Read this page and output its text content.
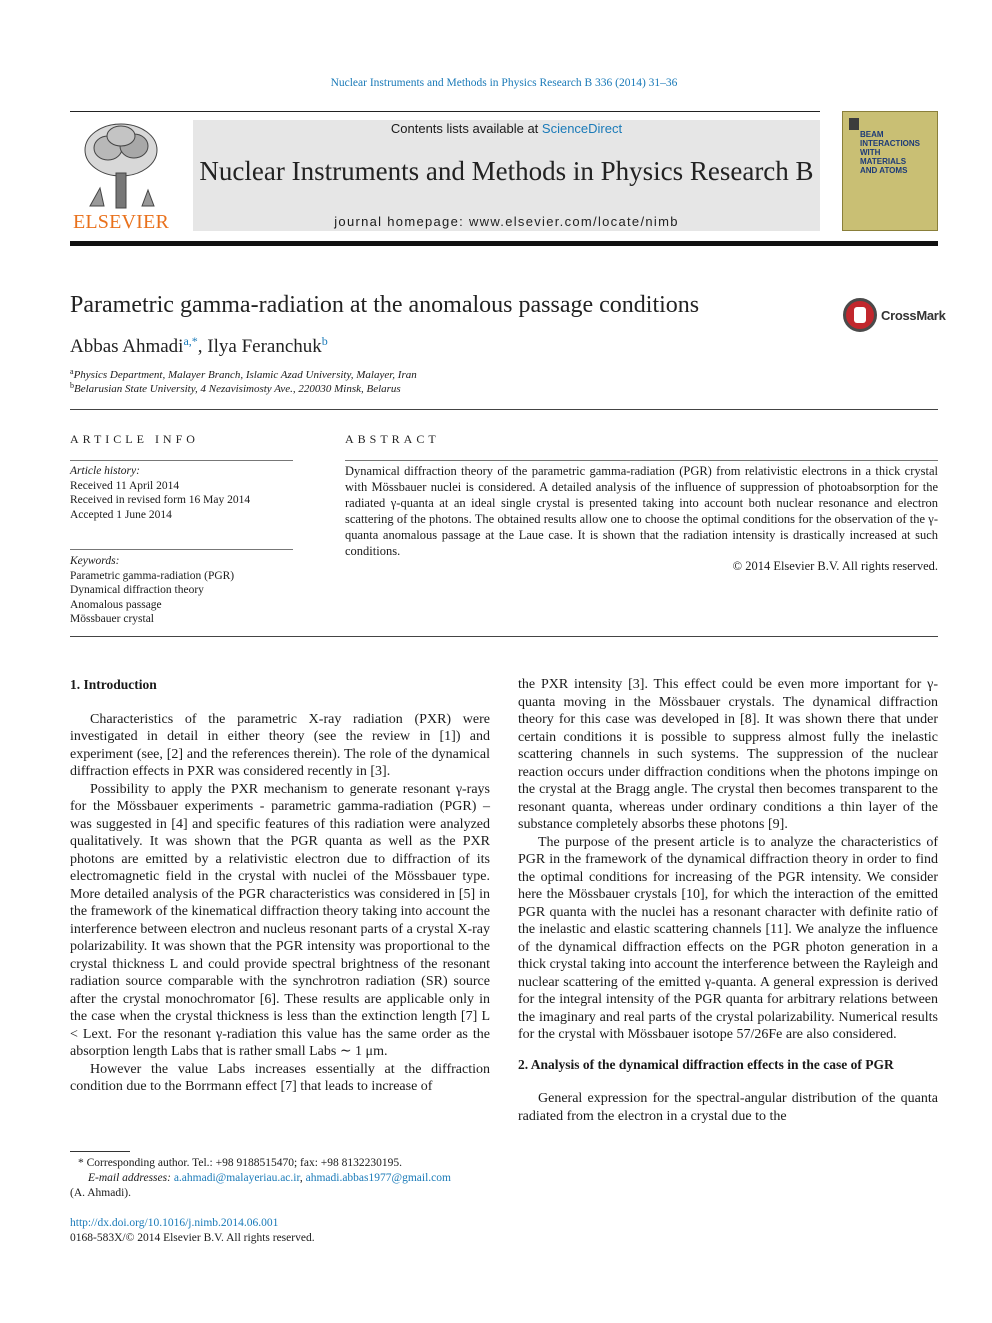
Nuclear Instruments and Methods in Physics Research B 336 (2014) 31–36
ELSEVIER
Contents lists available at ScienceDirect
Nuclear Instruments and Methods in Physics Research B
journal homepage: www.elsevier.com/locate/nimb
BEAM
INTERACTIONS
WITH
MATERIALS
AND ATOMS
Parametric gamma-radiation at the anomalous passage conditions	CrossMark
Abbas Ahmadi$^{a,*}$, Ilya Feranchuk$^b$
$^a$Physics Department, Malayer Branch, Islamic Azad University, Malayer, Iran
$^b$Belarusian State University, 4 Nezavisimosty Ave., 220030 Minsk, Belarus
ARTICLE INFO
Article history:
Received 11 April 2014
Received in revised form 16 May 2014
Accepted 1 June 2014
Keywords:
Parametric gamma-radiation (PGR)
Dynamical diffraction theory
Anomalous passage
Mössbauer crystal
ABSTRACT
Dynamical diffraction theory of the parametric gamma-radiation (PGR) from relativistic electrons in a thick crystal with Mössbauer nuclei is considered. A detailed analysis of the influence of suppression of photoabsorption for the radiated γ-quanta at an ideal single crystal is presented taking into account both nuclear resonance and electron scattering of the photons. The obtained results allow one to choose the optimal conditions for the observation of the γ-quanta anomalous passage at the Laue case. It is shown that the radiation intensity is drastically increased at such conditions.
© 2014 Elsevier B.V. All rights reserved.
1. Introduction

Characteristics of the parametric X-ray radiation (PXR) were investigated in detail in either theory (see the review in [1]) and experiment (see, [2] and the references therein). The role of the dynamical diffraction effects in PXR was considered recently in [3].

Possibility to apply the PXR mechanism to generate resonant γ-rays for the Mössbauer experiments - parametric gamma-radiation (PGR) – was suggested in [4] and specific features of this radiation were analyzed qualitatively. It was shown that the PGR quanta as well as the PXR photons are emitted by a relativistic electron due to diffraction of its electromagnetic field in the crystal with nuclei of the Mössbauer type. More detailed analysis of the PGR characteristics was considered in [5] in the framework of the kinematical diffraction theory taking into account the interference between electron and nucleus resonant parts of a crystal X-ray polarizability. It was shown that the PGR intensity was proportional to the crystal thickness L and could provide spectral brightness of the resonant radiation source comparable with the synchrotron radiation (SR) source after the crystal monochromator [6]. These results are applicable only in the case when the crystal thickness is less than the extinction length [7] L < Lext. For the resonant γ-radiation this value has the same order as the absorption length Labs that is rather small Labs ∼ 1 μm.

However the value Labs increases essentially at the diffraction condition due to the Borrmann effect [7] that leads to increase of

the PXR intensity [3]. This effect could be even more important for γ-quanta moving in the Mössbauer crystals. The dynamical diffraction theory for this case was developed in [8]. It was shown there that under certain conditions it is possible to suppress almost fully the inelastic scattering channels in such systems. The suppression of the nuclear reaction occurs under diffraction conditions when the photons impinge on the crystal at the Bragg angle. The crystal then becomes transparent to the resonant quanta, whereas under ordinary conditions a thin layer of the substance completely absorbs these photons [9].

The purpose of the present article is to analyze the characteristics of PGR in the framework of the dynamical diffraction theory in order to find the optimal conditions for increasing of the PGR intensity. We consider here the Mössbauer crystals [10], for which the interaction of the emitted PGR quanta with the nuclei has a resonant character with definite ratio of the inelastic and elastic scattering channels [11]. We analyze the influence of the dynamical diffraction effects on the PGR photon generation in a thick crystal taking into account the interference between the Rayleigh and nuclear scattering of the emitted γ-quanta. A general expression is derived for the integral intensity of the PGR quanta for arbitrary relations between the imaginary and real parts of the crystal polarizability. Numerical results for the crystal with Mössbauer isotope 57/26Fe are also considered.

2. Analysis of the dynamical diffraction effects in the case of PGR

General expression for the spectral-angular distribution of the quanta radiated from the electron in a crystal due to the

* Corresponding author. Tel.: +98 9188515470; fax: +98 8132230195.
E-mail addresses: a.ahmadi@malayeriau.ac.ir, ahmadi.abbas1977@gmail.com
(A. Ahmadi).
http://dx.doi.org/10.1016/j.nimb.2014.06.001
0168-583X/© 2014 Elsevier B.V. All rights reserved.
